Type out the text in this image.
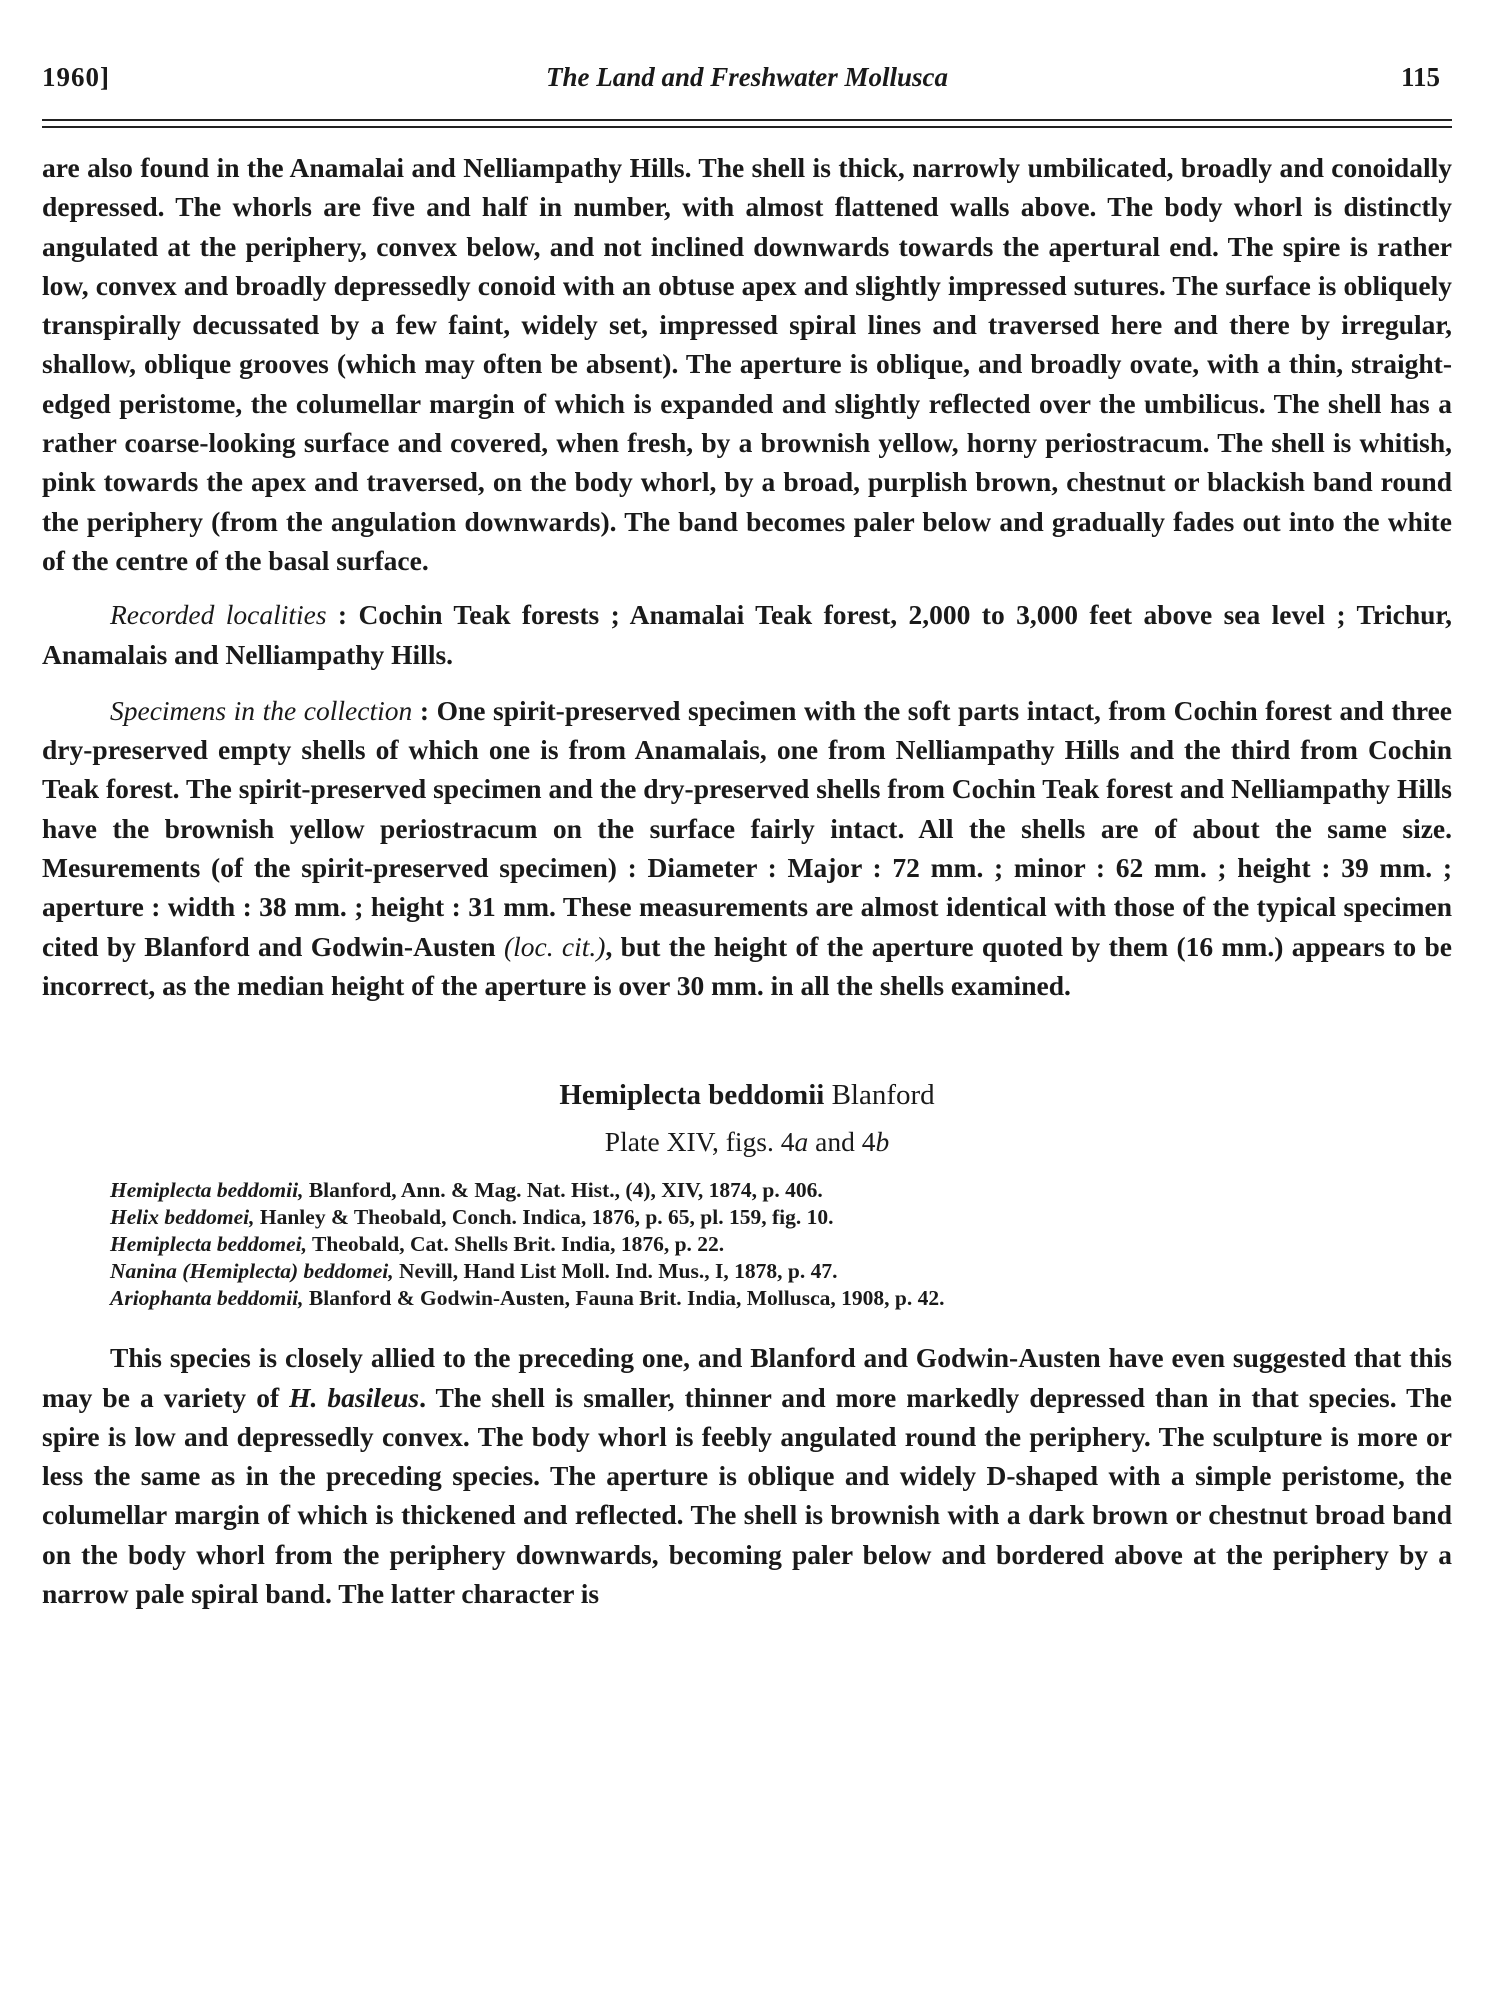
1960]	The Land and Freshwater Mollusca	115

are also found in the Anamalai and Nelliampathy Hills. The shell is thick, narrowly umbilicated, broadly and conoidally depressed. The whorls are five and half in number, with almost flattened walls above. The body whorl is distinctly angulated at the periphery, convex below, and not inclined downwards towards the apertural end. The spire is rather low, convex and broadly depressedly conoid with an obtuse apex and slightly impressed sutures. The surface is obliquely transpirally decussated by a few faint, widely set, impressed spiral lines and traversed here and there by irregular, shallow, oblique grooves (which may often be absent). The aperture is oblique, and broadly ovate, with a thin, straight-edged peristome, the columellar margin of which is expanded and slightly reflected over the umbilicus. The shell has a rather coarse-looking surface and covered, when fresh, by a brownish yellow, horny periostracum. The shell is whitish, pink towards the apex and traversed, on the body whorl, by a broad, purplish brown, chestnut or blackish band round the periphery (from the angulation downwards). The band becomes paler below and gradually fades out into the white of the centre of the basal surface.

Recorded localities : Cochin Teak forests ; Anamalai Teak forest, 2,000 to 3,000 feet above sea level ; Trichur, Anamalais and Nelliampathy Hills.

Specimens in the collection : One spirit-preserved specimen with the soft parts intact, from Cochin forest and three dry-preserved empty shells of which one is from Anamalais, one from Nelliampathy Hills and the third from Cochin Teak forest. The spirit-preserved specimen and the dry-preserved shells from Cochin Teak forest and Nelliampathy Hills have the brownish yellow periostracum on the surface fairly intact. All the shells are of about the same size. Mesurements (of the spirit-preserved specimen) : Diameter : Major : 72 mm. ; minor : 62 mm. ; height : 39 mm. ; aperture : width : 38 mm. ; height : 31 mm. These measurements are almost identical with those of the typical specimen cited by Blanford and Godwin-Austen (loc. cit.), but the height of the aperture quoted by them (16 mm.) appears to be incorrect, as the median height of the aperture is over 30 mm. in all the shells examined.

Hemiplecta beddomii Blanford
Plate XIV, figs. 4a and 4b
Hemiplecta beddomii, Blanford, Ann. & Mag. Nat. Hist., (4), XIV, 1874, p. 406.
Helix beddomei, Hanley & Theobald, Conch. Indica, 1876, p. 65, pl. 159, fig. 10.
Hemiplecta beddomei, Theobald, Cat. Shells Brit. India, 1876, p. 22.
Nanina (Hemiplecta) beddomei, Nevill, Hand List Moll. Ind. Mus., I, 1878, p. 47.
Ariophanta beddomii, Blanford & Godwin-Austen, Fauna Brit. India, Mollusca, 1908, p. 42.

This species is closely allied to the preceding one, and Blanford and Godwin-Austen have even suggested that this may be a variety of H. basileus. The shell is smaller, thinner and more markedly depressed than in that species. The spire is low and depressedly convex. The body whorl is feebly angulated round the periphery. The sculpture is more or less the same as in the preceding species. The aperture is oblique and widely D-shaped with a simple peristome, the columellar margin of which is thickened and reflected. The shell is brownish with a dark brown or chestnut broad band on the body whorl from the periphery downwards, becoming paler below and bordered above at the periphery by a narrow pale spiral band. The latter character is
